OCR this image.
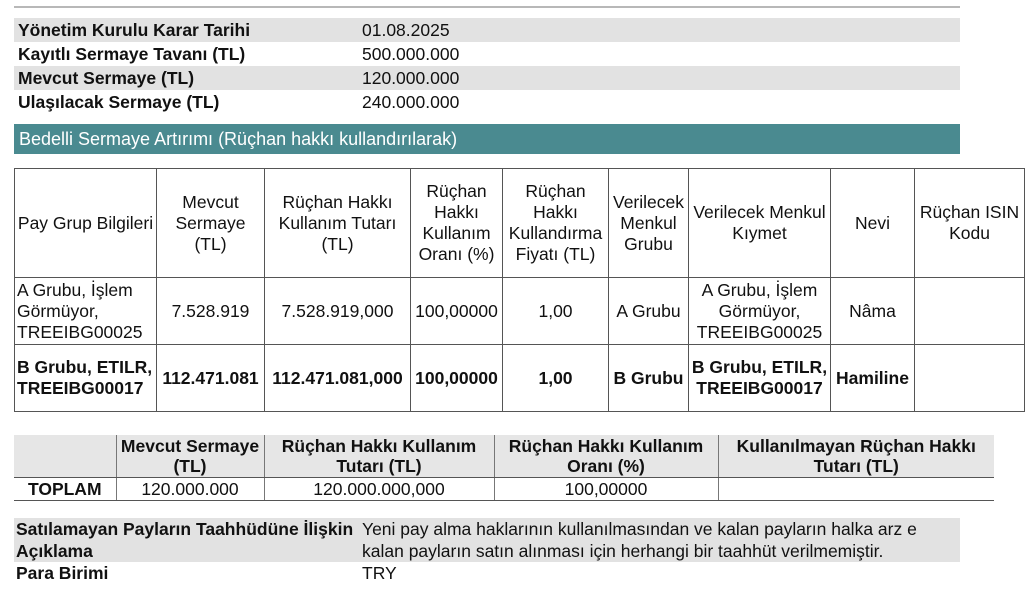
Yönetim Kurulu Karar Tarihi	01.08.2025
Kayıtlı Sermaye Tavanı (TL)	500.000.000
Mevcut Sermaye (TL)	120.000.000
Ulaşılacak Sermaye (TL)	240.000.000
Bedelli Sermaye Artırımı (Rüçhan hakkı kullandırılarak)
Pay Grup Bilgileri	Mevcut Sermaye (TL)	Rüçhan Hakkı Kullanım Tutarı (TL)	Rüçhan Hakkı Kullanım Oranı (%)	Rüçhan Hakkı Kullandırma Fiyatı (TL)	Verilecek Menkul Grubu	Verilecek Menkul Kıymet	Nevi	Rüçhan ISIN Kodu
A Grubu, İşlem Görmüyor, TREEIBG00025	7.528.919	7.528.919,000	100,00000	1,00	A Grubu	A Grubu, İşlem Görmüyor, TREEIBG00025	Nâma	
B Grubu, ETILR, TREEIBG00017	112.471.081	112.471.081,000	100,00000	1,00	B Grubu	B Grubu, ETILR, TREEIBG00017	Hamiline	
	Mevcut Sermaye (TL)	Rüçhan Hakkı Kullanım Tutarı (TL)	Rüçhan Hakkı Kullanım Oranı (%)	Kullanılmayan Rüçhan Hakkı Tutarı (TL)
TOPLAM	120.000.000	120.000.000,000	100,00000	
Satılamayan Payların Taahhüdüne İlişkin Açıklama	Yeni pay alma haklarının kullanılmasından ve kalan payların halka arz e
kalan payların satın alınması için herhangi bir taahhüt verilmemiştir.

Para Birimi	TRY
